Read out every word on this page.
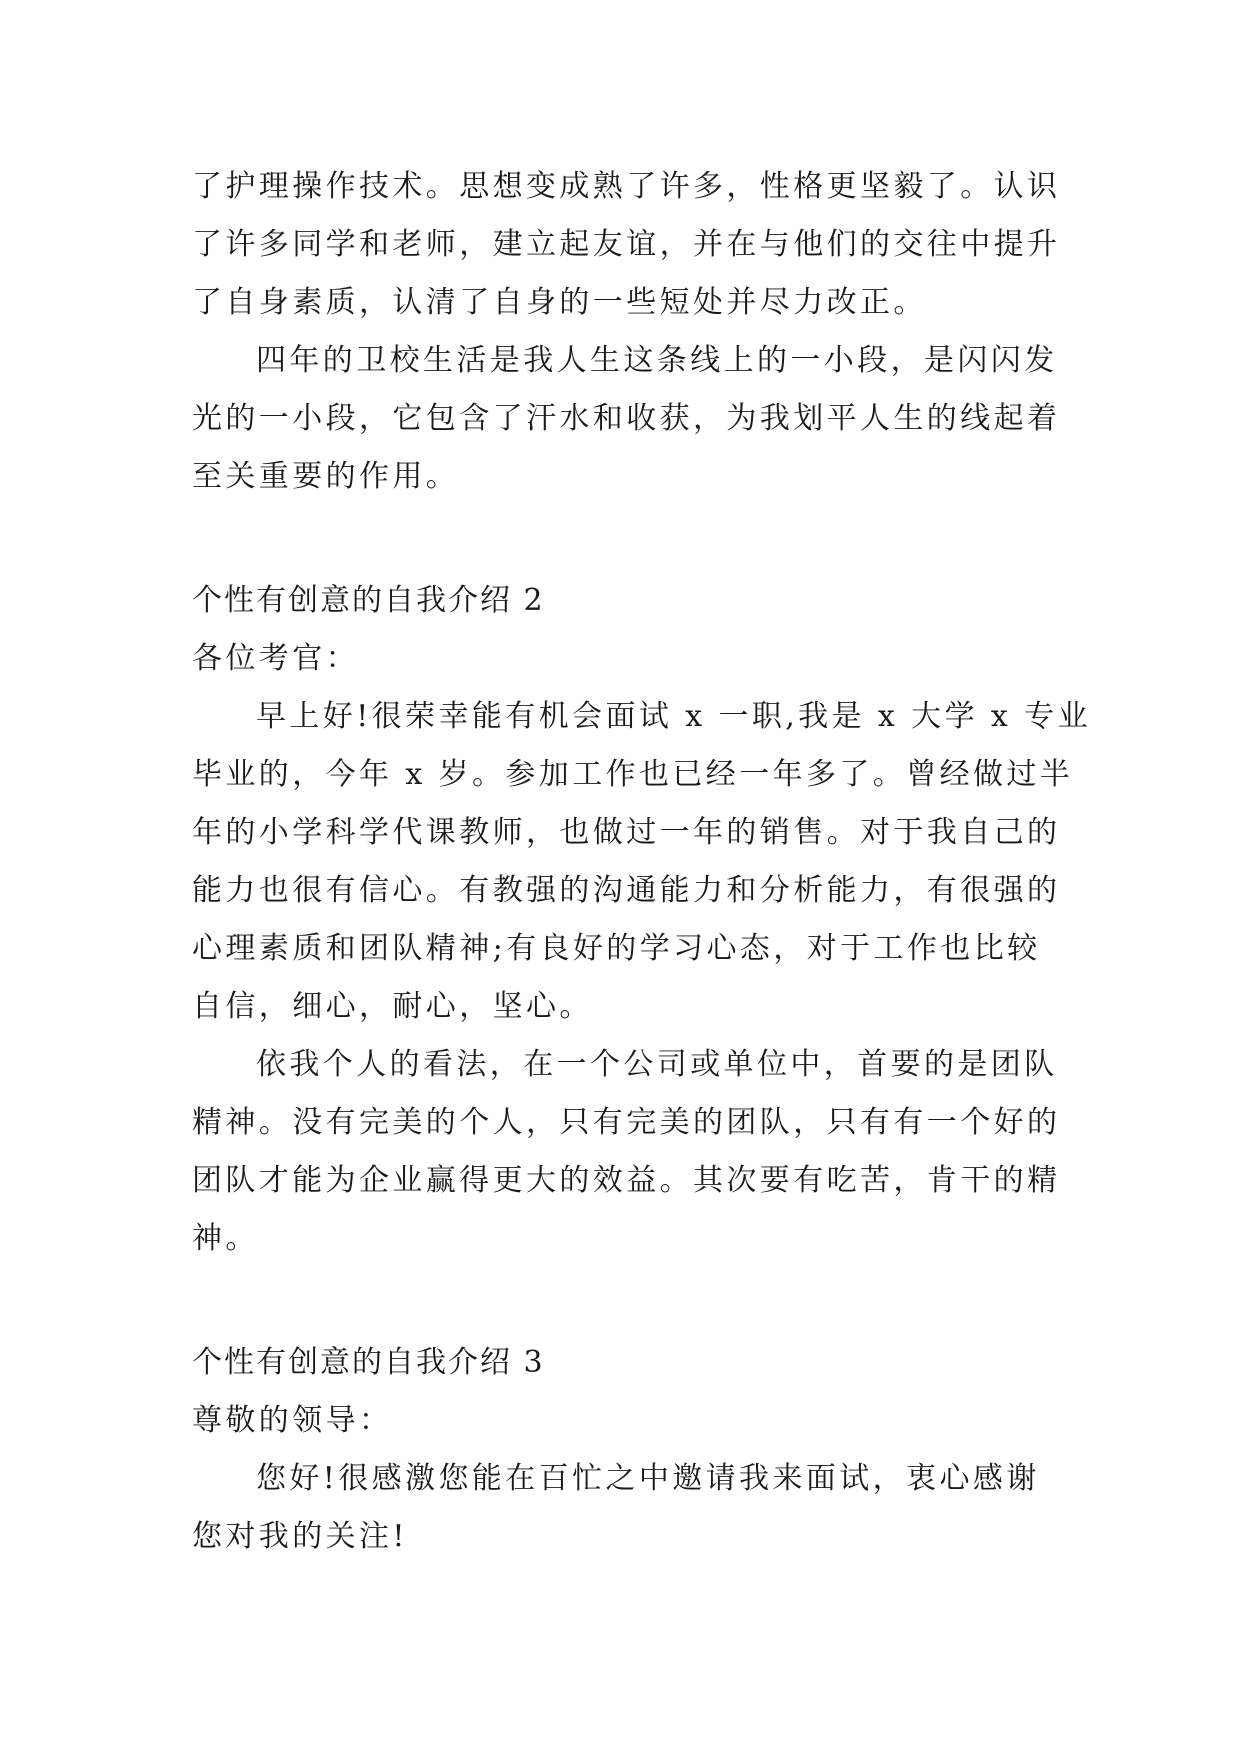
了护理操作技术。思想变成熟了许多，性格更坚毅了。认识
了许多同学和老师，建立起友谊，并在与他们的交往中提升
了自身素质，认清了自身的一些短处并尽力改正。
四年的卫校生活是我人生这条线上的一小段，是闪闪发
光的一小段，它包含了汗水和收获，为我划平人生的线起着
至关重要的作用。
个性有创意的自我介绍 2
各位考官：
早上好!很荣幸能有机会面试 x 一职,我是 x 大学 x 专业
毕业的，今年 x 岁。参加工作也已经一年多了。曾经做过半
年的小学科学代课教师，也做过一年的销售。对于我自己的
能力也很有信心。有教强的沟通能力和分析能力，有很强的
心理素质和团队精神;有良好的学习心态，对于工作也比较
自信，细心，耐心，坚心。
依我个人的看法，在一个公司或单位中，首要的是团队
精神。没有完美的个人，只有完美的团队，只有有一个好的
团队才能为企业赢得更大的效益。其次要有吃苦，肯干的精
神。
个性有创意的自我介绍 3
尊敬的领导：
您好!很感激您能在百忙之中邀请我来面试，衷心感谢
您对我的关注!
